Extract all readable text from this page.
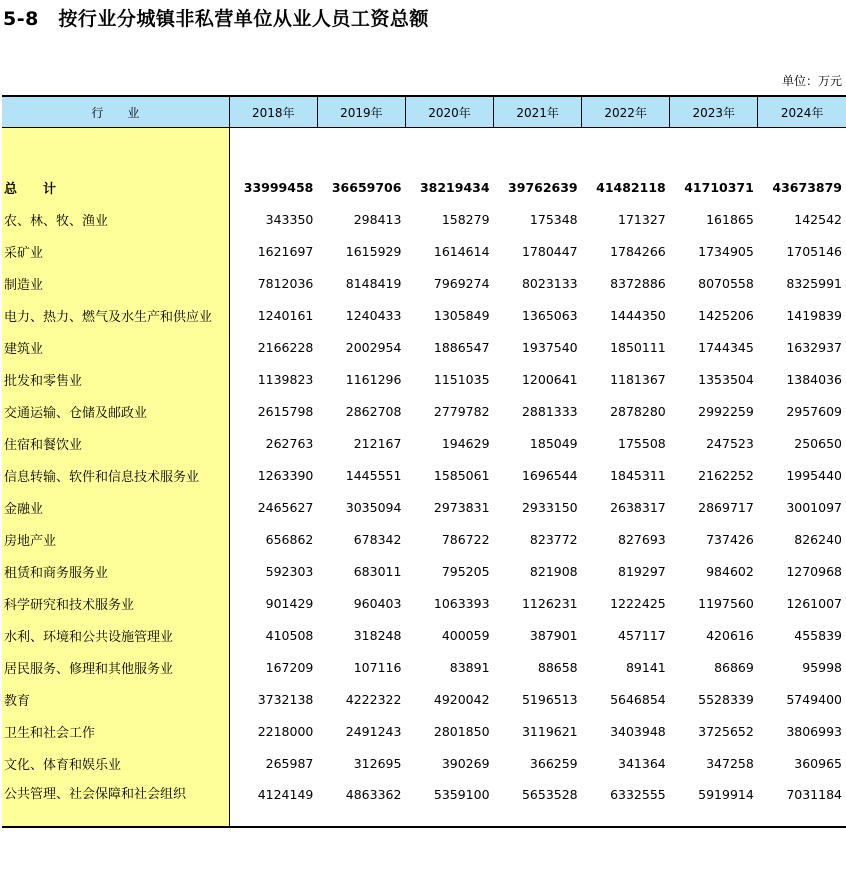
5-8　按行业分城镇非私营单位从业人员工资总额
单位：万元
行　　业	2018年	2019年	2020年	2021年	2022年	2023年	2024年

总　　计	33999458	36659706	38219434	39762639	41482118	41710371	43673879
农、林、牧、渔业	343350	298413	158279	175348	171327	161865	142542
采矿业	1621697	1615929	1614614	1780447	1784266	1734905	1705146
制造业	7812036	8148419	7969274	8023133	8372886	8070558	8325991
电力、热力、燃气及水生产和供应业	1240161	1240433	1305849	1365063	1444350	1425206	1419839
建筑业	2166228	2002954	1886547	1937540	1850111	1744345	1632937
批发和零售业	1139823	1161296	1151035	1200641	1181367	1353504	1384036
交通运输、仓储及邮政业	2615798	2862708	2779782	2881333	2878280	2992259	2957609
住宿和餐饮业	262763	212167	194629	185049	175508	247523	250650
信息转输、软件和信息技术服务业	1263390	1445551	1585061	1696544	1845311	2162252	1995440
金融业	2465627	3035094	2973831	2933150	2638317	2869717	3001097
房地产业	656862	678342	786722	823772	827693	737426	826240
租赁和商务服务业	592303	683011	795205	821908	819297	984602	1270968
科学研究和技术服务业	901429	960403	1063393	1126231	1222425	1197560	1261007
水利、环境和公共设施管理业	410508	318248	400059	387901	457117	420616	455839
居民服务、修理和其他服务业	167209	107116	83891	88658	89141	86869	95998
教育	3732138	4222322	4920042	5196513	5646854	5528339	5749400
卫生和社会工作	2218000	2491243	2801850	3119621	3403948	3725652	3806993
文化、体育和娱乐业	265987	312695	390269	366259	341364	347258	360965
公共管理、社会保障和社会组织	4124149	4863362	5359100	5653528	6332555	5919914	7031184
